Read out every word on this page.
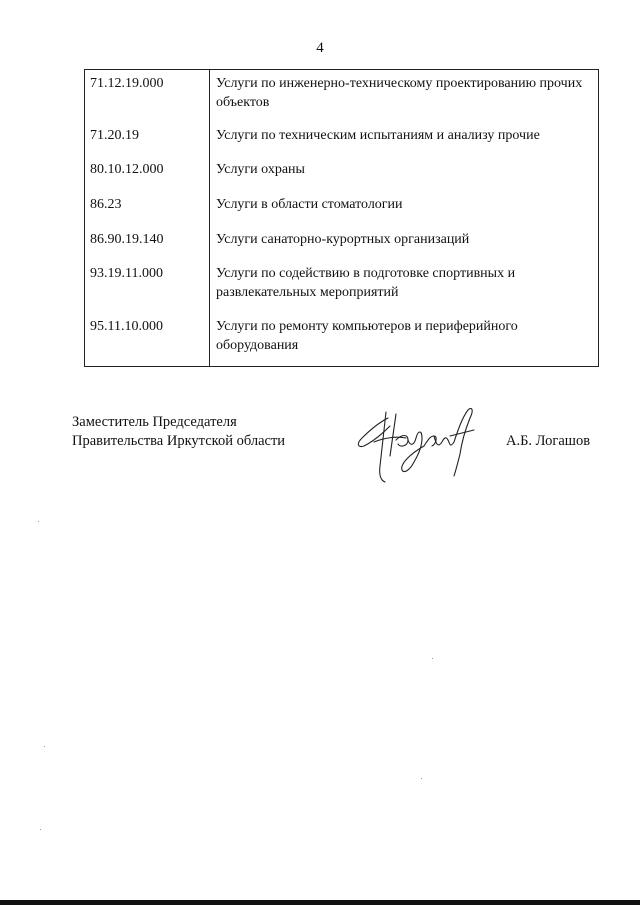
4
71.12.19.000	Услуги по инженерно-техническому проектированию прочих объектов
71.20.19	Услуги по техническим испытаниям и анализу прочие
80.10.12.000	Услуги охраны
86.23	Услуги в области стоматологии
86.90.19.140	Услуги санаторно-курортных организаций
93.19.11.000	Услуги по содействию в подготовке спортивных и развлекательных мероприятий
95.11.10.000	Услуги по ремонту компьютеров и периферийного оборудования
Заместитель Председателя
Правительства Иркутской области	А.Б. Логашов
